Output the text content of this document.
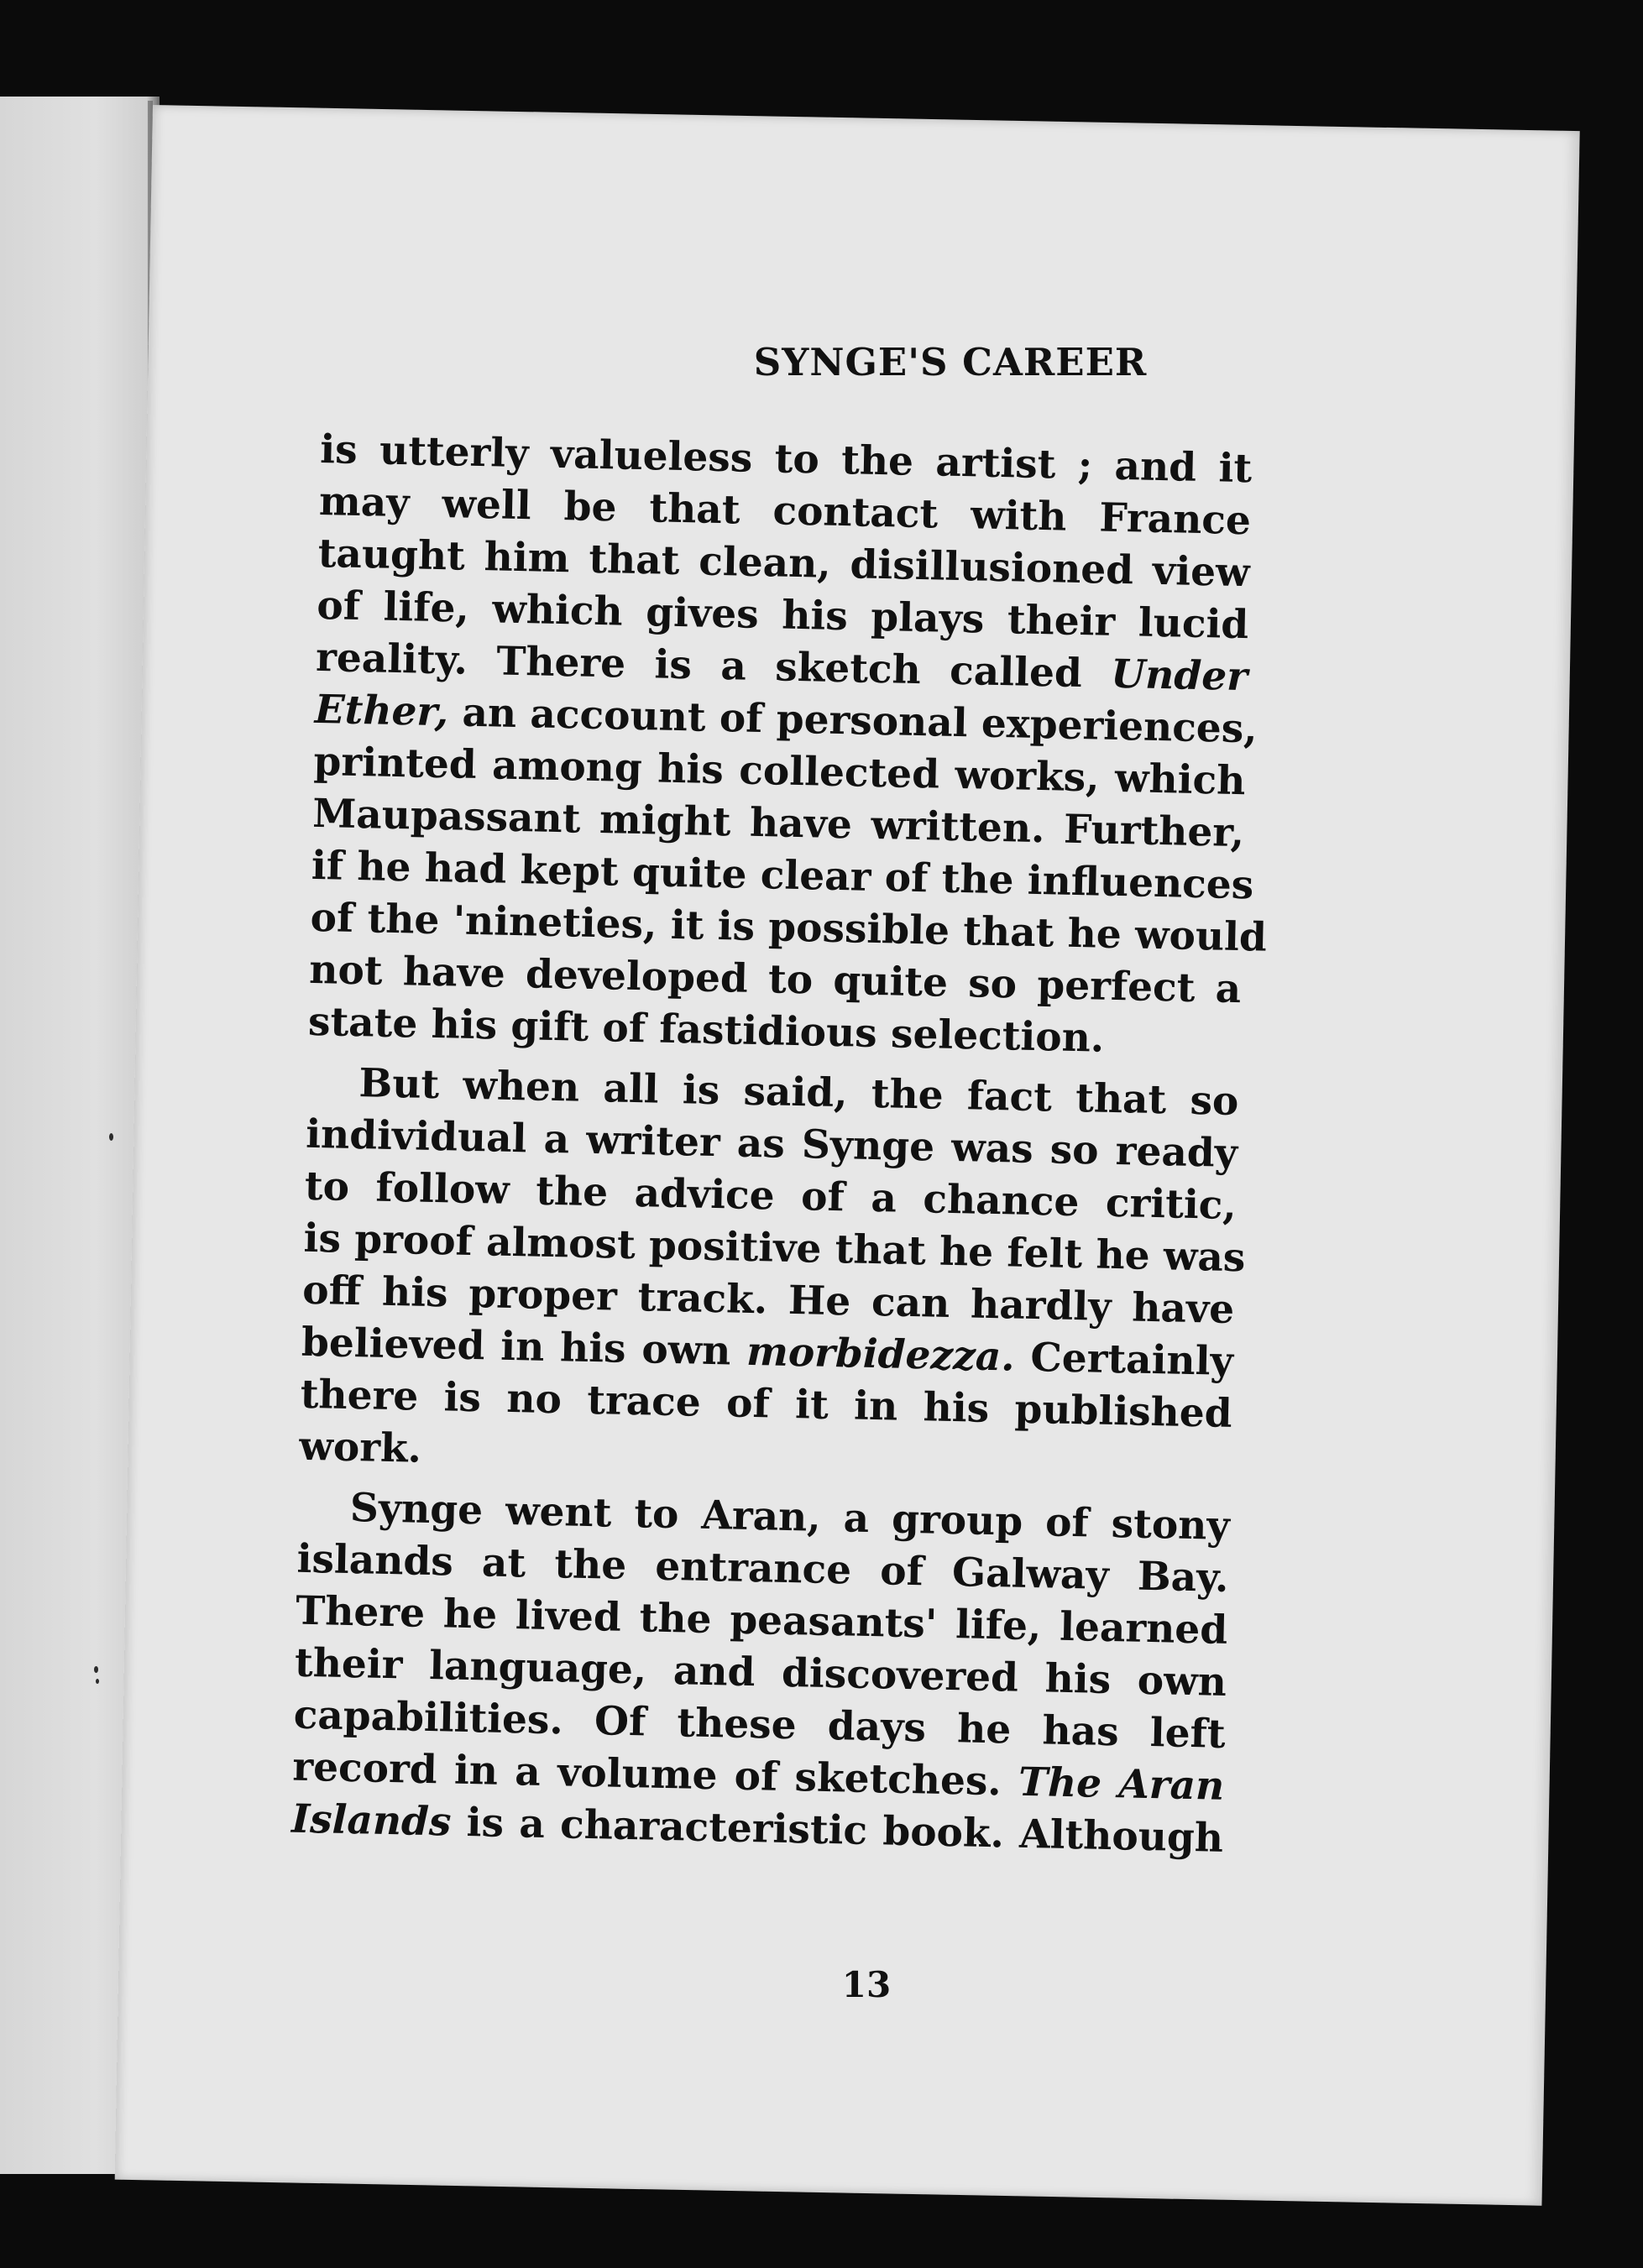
SYNGE'S CAREER
is utterly valueless to the artist ; and it
may well be that contact with France
taught him that clean, disillusioned view
of life, which gives his plays their lucid
reality. There is a sketch called Under
Ether, an account of personal experiences,
printed among his collected works, which
Maupassant might have written. Further,
if he had kept quite clear of the influences
of the 'nineties, it is possible that he would
not have developed to quite so perfect a
state his gift of fastidious selection.
But when all is said, the fact that so
individual a writer as Synge was so ready
to follow the advice of a chance critic,
is proof almost positive that he felt he was
off his proper track. He can hardly have
believed in his own morbidezza. Certainly
there is no trace of it in his published
work.
Synge went to Aran, a group of stony
islands at the entrance of Galway Bay.
There he lived the peasants' life, learned
their language, and discovered his own
capabilities. Of these days he has left
record in a volume of sketches. The Aran
Islands is a characteristic book. Although
13
